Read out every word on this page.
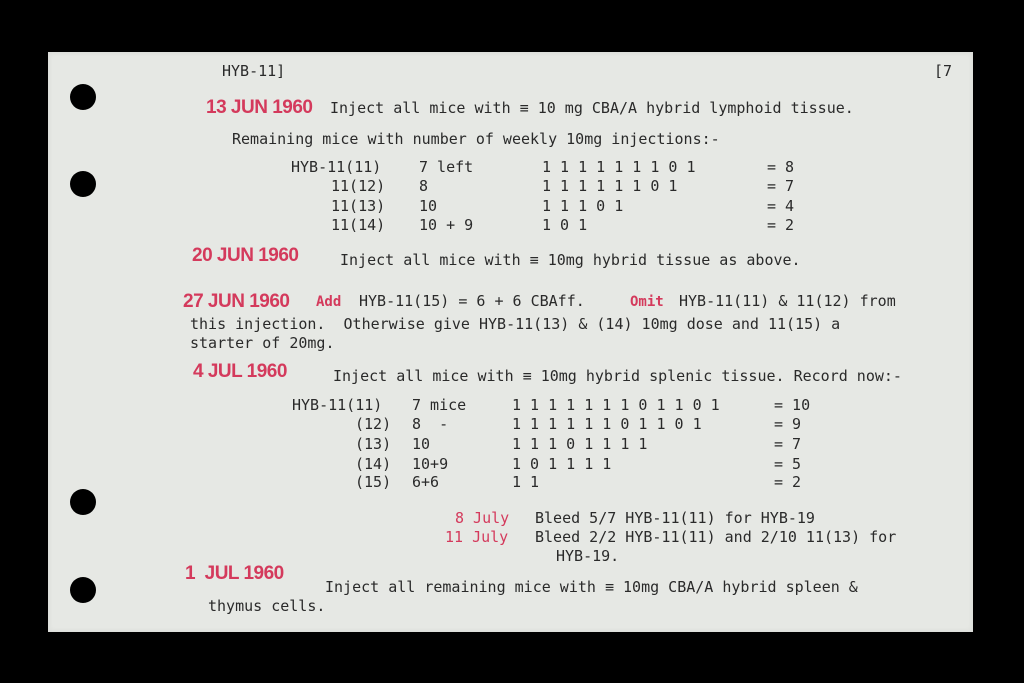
HYB-11]	[7
13 JUN 1960 Inject all mice with ≡ 10 mg CBA/A hybrid lymphoid tissue.
Remaining mice with number of weekly 10mg injections:-
HYB-11(11)	7 left	1 1 1 1 1 1 1 0 1	= 8
11(12) 8	1 1 1 1 1 1 0 1	= 7
11(13) 10	1 1 1 0 1	= 4
11(14) 10 + 9	1 0 1	= 2
20 JUN 1960	Inject all mice with ≡ 10mg hybrid tissue as above.
27 JUN 1960 Add HYB-11(15) = 6 + 6 CBAff.	Omit HYB-11(11) & 11(12) from
this injection.  Otherwise give HYB-11(13) & (14) 10mg dose and 11(15) a
starter of 20mg.
4 JUL 1960	Inject all mice with ≡ 10mg hybrid splenic tissue. Record now:-
HYB-11(11) 7 mice	1 1 1 1 1 1 1 0 1 1 0 1	= 10
(12) 8  -	1 1 1 1 1 1 0 1 1 0 1	= 9
(13) 10	1 1 1 0 1 1 1 1	= 7
(14) 10+9	1 0 1 1 1 1	= 5
(15) 6+6	1 1	= 2
8 July Bleed 5/7 HYB-11(11) for HYB-19
11 July Bleed 2/2 HYB-11(11) and 2/10 11(13) for
HYB-19.
1  JUL 1960
Inject all remaining mice with ≡ 10mg CBA/A hybrid spleen &
thymus cells.
